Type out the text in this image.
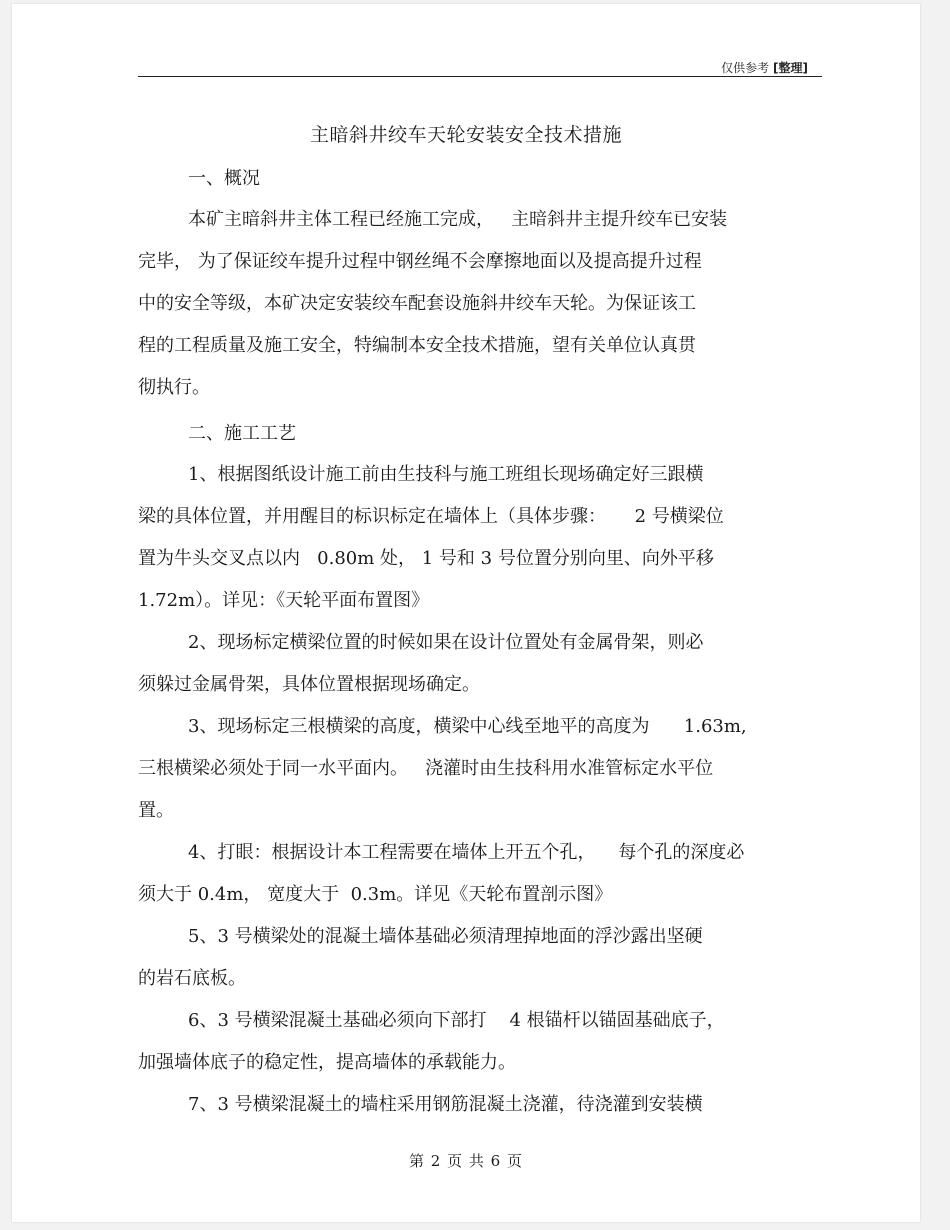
仅供参考 [整理]
主暗斜井绞车天轮安装安全技术措施
一、概况
本矿主暗斜井主体工程已经施工完成，   主暗斜井主提升绞车已安装
完毕， 为了保证绞车提升过程中钢丝绳不会摩擦地面以及提高提升过程
中的安全等级，本矿决定安装绞车配套设施斜井绞车天轮。为保证该工
程的工程质量及施工安全，特编制本安全技术措施，望有关单位认真贯
彻执行。
二、施工工艺
1、根据图纸设计施工前由生技科与施工班组长现场确定好三跟横
梁的具体位置，并用醒目的标识标定在墙体上（具体步骤：     2 号横梁位
置为牛头交叉点以内   0.80m 处， 1 号和 3 号位置分别向里、向外平移
1.72m）。详见：《天轮平面布置图》
2、现场标定横梁位置的时候如果在设计位置处有金属骨架，则必
须躲过金属骨架，具体位置根据现场确定。
3、现场标定三根横梁的高度，横梁中心线至地平的高度为      1.63m,
三根横梁必须处于同一水平面内。   浇灌时由生技科用水准管标定水平位
置。
4、打眼：根据设计本工程需要在墙体上开五个孔，    每个孔的深度必
须大于 0.4m， 宽度大于  0.3m。详见《天轮布置剖示图》
5、3 号横梁处的混凝土墙体基础必须清理掉地面的浮沙露出坚硬
的岩石底板。
6、3 号横梁混凝土基础必须向下部打    4 根锚杆以锚固基础底子，
加强墙体底子的稳定性，提高墙体的承载能力。
7、3 号横梁混凝土的墙柱采用钢筋混凝土浇灌，待浇灌到安装横
第 2 页 共 6 页
